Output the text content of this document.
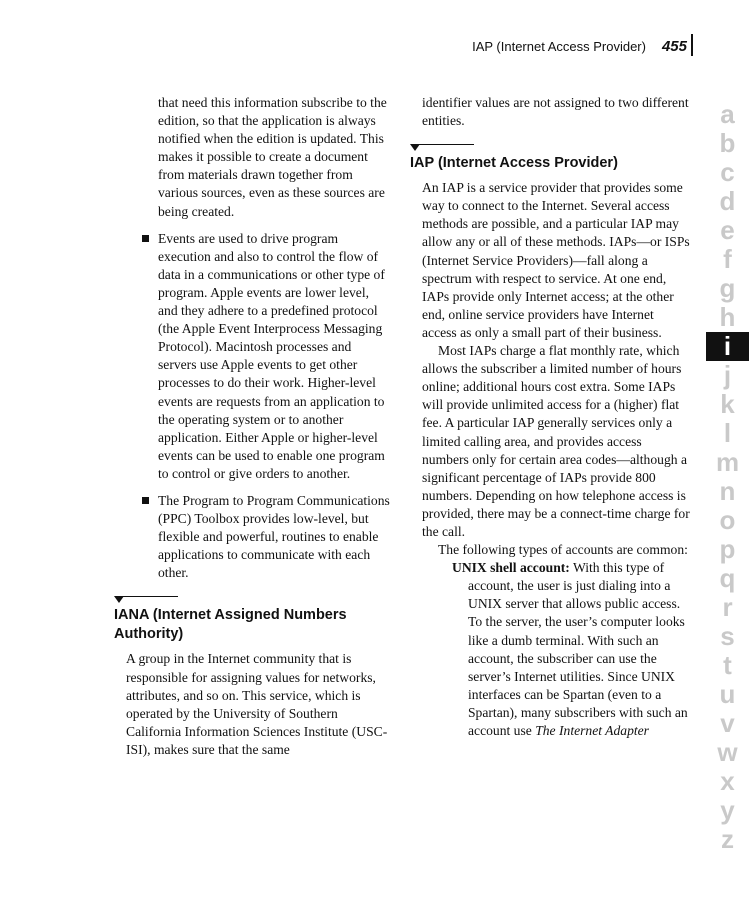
IAP (Internet Access Provider) 455

that need this information subscribe to the edition, so that the application is always notified when the edition is updated. This makes it possible to create a document from materials drawn together from various sources, even as these sources are being created.

Events are used to drive program execution and also to control the flow of data in a communications or other type of program. Apple events are lower level, and they adhere to a predefined protocol (the Apple Event Interprocess Messaging Protocol). Macintosh processes and servers use Apple events to get other processes to do their work. Higher-level events are requests from an application to the operating system or to another application. Either Apple or higher-level events can be used to enable one program to control or give orders to another.

The Program to Program Communications (PPC) Toolbox provides low-level, but flexible and powerful, routines to enable applications to communicate with each other.

IANA (Internet Assigned Numbers Authority)

A group in the Internet community that is responsible for assigning values for networks, attributes, and so on. This service, which is operated by the University of Southern California Information Sciences Institute (USC-ISI), makes sure that the same

identifier values are not assigned to two different entities.

IAP (Internet Access Provider)

An IAP is a service provider that provides some way to connect to the Internet. Several access methods are possible, and a particular IAP may allow any or all of these methods. IAPs—or ISPs (Internet Service Providers)—fall along a spectrum with respect to service. At one end, IAPs provide only Internet access; at the other end, online service providers have Internet access as only a small part of their business.

Most IAPs charge a flat monthly rate, which allows the subscriber a limited number of hours online; additional hours cost extra. Some IAPs will provide unlimited access for a (higher) flat fee. A particular IAP generally services only a limited calling area, and provides access numbers only for certain area codes—although a significant percentage of IAPs provide 800 numbers. Depending on how telephone access is provided, there may be a connect-time charge for the call.

The following types of accounts are common:

UNIX shell account: With this type of account, the user is just dialing into a UNIX server that allows public access. To the server, the user’s computer looks like a dumb terminal. With such an account, the subscriber can use the server’s Internet utilities. Since UNIX interfaces can be Spartan (even to a Spartan), many subscribers with such an account use The Internet Adapter

a
b
c
d
e
f
g
h
i
j
k
l
m
n
o
p
q
r
s
t
u
v
w
x
y
z
